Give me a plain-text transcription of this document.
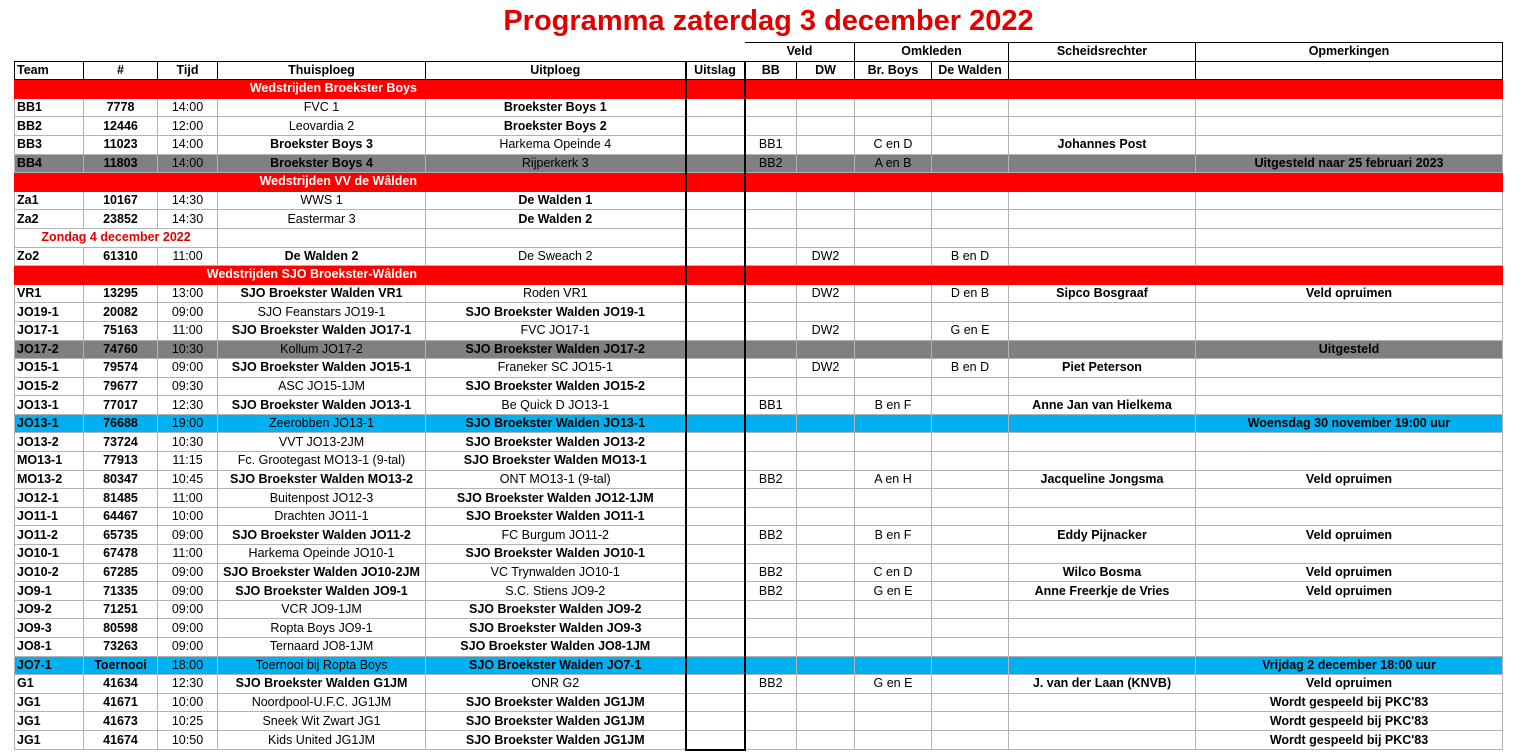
Programma zaterdag 3 december 2022
						Veld		Omkleden		Scheidsrechter	Opmerkingen
Team	#	Tijd	Thuisploeg	Uitploeg	Uitslag	BB	DW	Br. Boys	De Walden		
Wedstrijden Broekster Boys											
BB1	7778	14:00	FVC 1	Broekster Boys 1							
BB2	12446	12:00	Leovardia 2	Broekster Boys 2							
BB3	11023	14:00	Broekster Boys 3	Harkema Opeinde 4		BB1		C en D		Johannes Post	
BB4	11803	14:00	Broekster Boys 4	Rijperkerk 3		BB2		A en B			Uitgesteld naar 25 februari 2023
Wedstrijden VV de Wâlden											
Za1	10167	14:30	WWS 1	De Walden 1							
Za2	23852	14:30	Eastermar 3	De Walden 2							
Zondag 4 december 2022											
Zo2	61310	11:00	De Walden 2	De Sweach 2			DW2		B en D		
Wedstrijden SJO Broekster-Wâlden											
VR1	13295	13:00	SJO Broekster Walden VR1	Roden VR1			DW2		D en B	Sipco Bosgraaf	Veld opruimen
JO19-1	20082	09:00	SJO Feanstars JO19-1	SJO Broekster Walden JO19-1							
JO17-1	75163	11:00	SJO Broekster Walden JO17-1	FVC JO17-1			DW2		G en E		
JO17-2	74760	10:30	Kollum JO17-2	SJO Broekster Walden JO17-2							Uitgesteld
JO15-1	79574	09:00	SJO Broekster Walden JO15-1	Franeker SC JO15-1			DW2		B en D	Piet Peterson	
JO15-2	79677	09:30	ASC JO15-1JM	SJO Broekster Walden JO15-2							
JO13-1	77017	12:30	SJO Broekster Walden JO13-1	Be Quick D JO13-1		BB1		B en F		Anne Jan van Hielkema	
JO13-1	76688	19:00	Zeerobben JO13-1	SJO Broekster Walden JO13-1							Woensdag 30 november 19:00 uur
JO13-2	73724	10:30	VVT JO13-2JM	SJO Broekster Walden JO13-2							
MO13-1	77913	11:15	Fc. Grootegast MO13-1 (9-tal)	SJO Broekster Walden MO13-1							
MO13-2	80347	10:45	SJO Broekster Walden MO13-2	ONT MO13-1 (9-tal)		BB2		A en H		Jacqueline Jongsma	Veld opruimen
JO12-1	81485	11:00	Buitenpost JO12-3	SJO Broekster Walden JO12-1JM							
JO11-1	64467	10:00	Drachten JO11-1	SJO Broekster Walden JO11-1							
JO11-2	65735	09:00	SJO Broekster Walden JO11-2	FC Burgum JO11-2		BB2		B en F		Eddy Pijnacker	Veld opruimen
JO10-1	67478	11:00	Harkema Opeinde JO10-1	SJO Broekster Walden JO10-1							
JO10-2	67285	09:00	SJO Broekster Walden JO10-2JM	VC Trynwalden JO10-1		BB2		C en D		Wilco Bosma	Veld opruimen
JO9-1	71335	09:00	SJO Broekster Walden JO9-1	S.C. Stiens JO9-2		BB2		G en E		Anne Freerkje de Vries	Veld opruimen
JO9-2	71251	09:00	VCR JO9-1JM	SJO Broekster Walden JO9-2							
JO9-3	80598	09:00	Ropta Boys JO9-1	SJO Broekster Walden JO9-3							
JO8-1	73263	09:00	Ternaard JO8-1JM	SJO Broekster Walden JO8-1JM							
JO7-1	Toernooi	18:00	Toernooi bij Ropta Boys	SJO Broekster Walden JO7-1							Vrijdag 2 december 18:00 uur
G1	41634	12:30	SJO Broekster Walden G1JM	ONR G2		BB2		G en E		J. van der Laan (KNVB)	Veld opruimen
JG1	41671	10:00	Noordpool-U.F.C. JG1JM	SJO Broekster Walden JG1JM							Wordt gespeeld bij PKC'83
JG1	41673	10:25	Sneek Wit Zwart JG1	SJO Broekster Walden JG1JM							Wordt gespeeld bij PKC'83
JG1	41674	10:50	Kids United JG1JM	SJO Broekster Walden JG1JM							Wordt gespeeld bij PKC'83
